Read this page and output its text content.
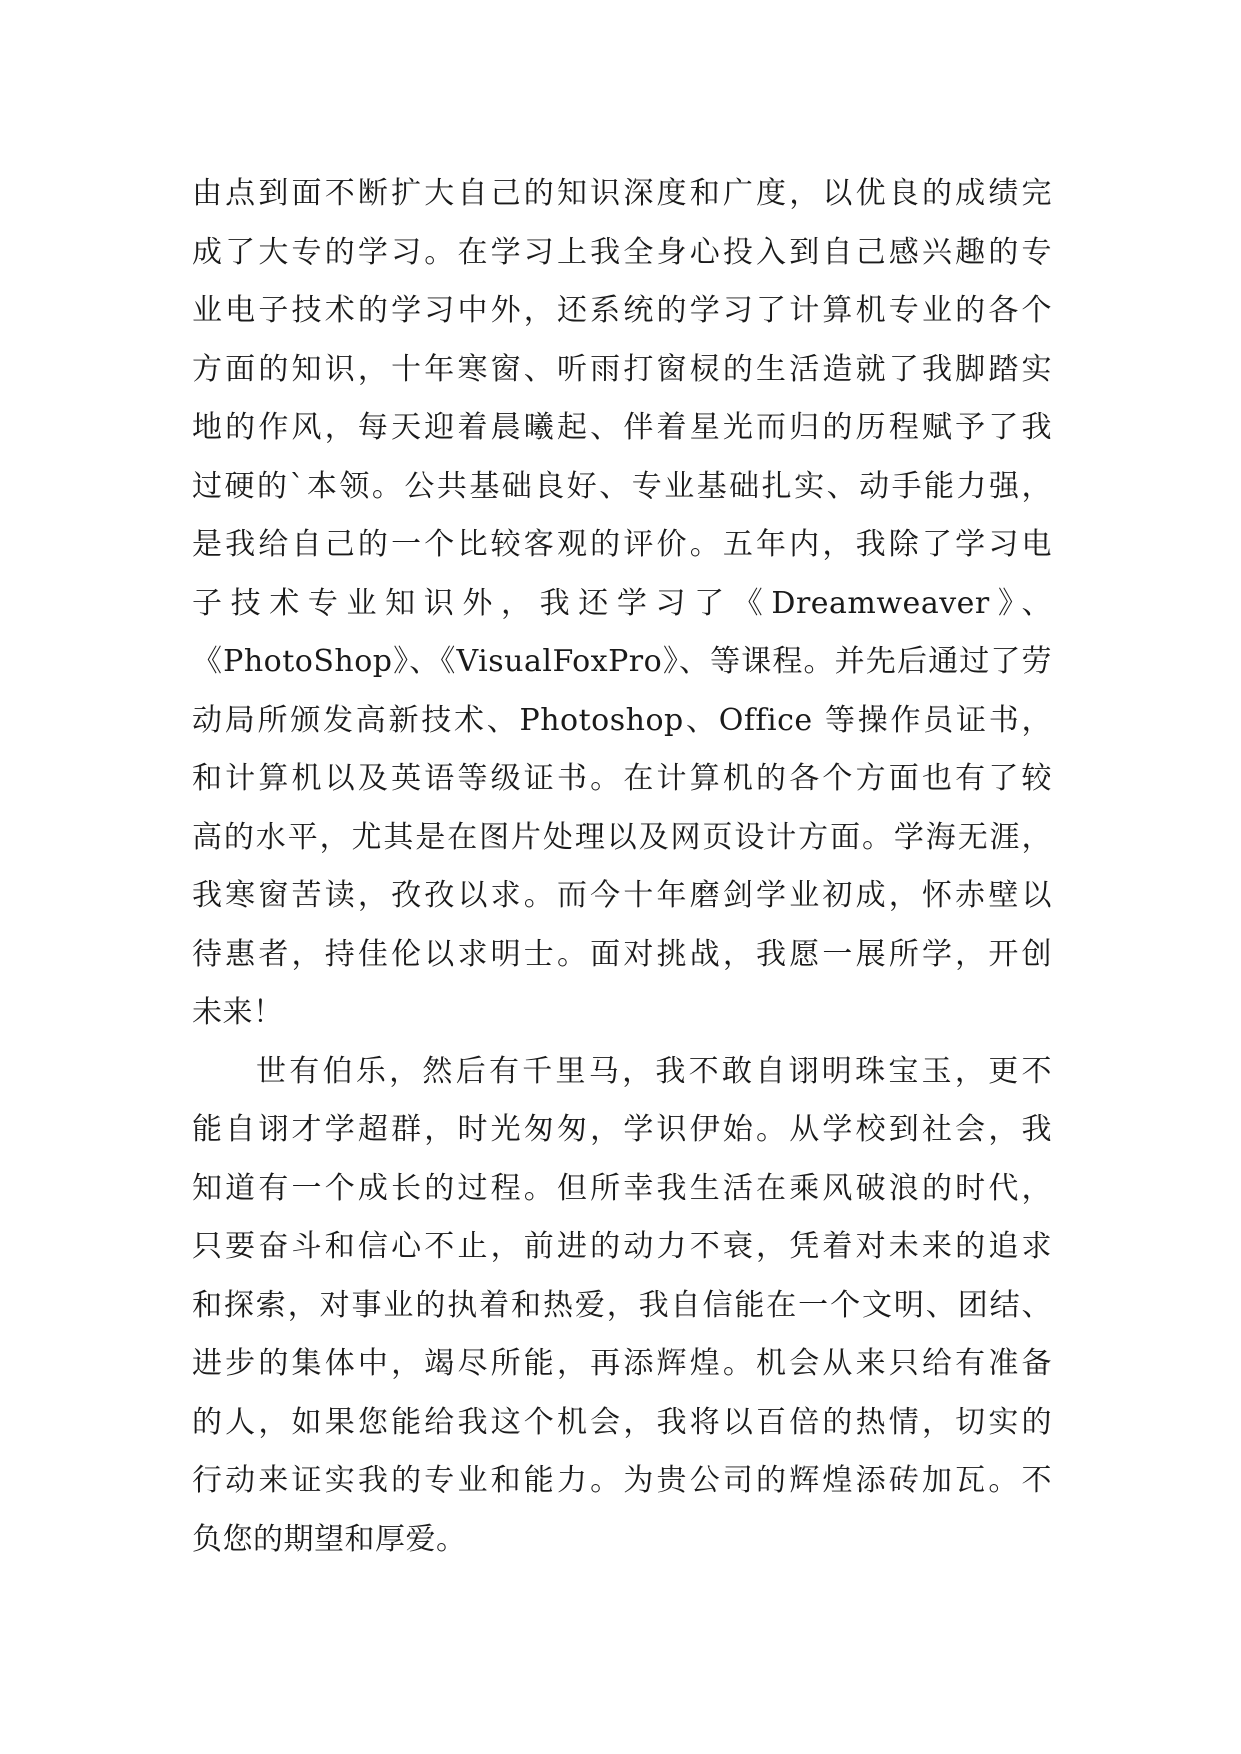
由点到面不断扩大自己的知识深度和广度，以优良的成绩完
成了大专的学习。在学习上我全身心投入到自己感兴趣的专
业电子技术的学习中外，还系统的学习了计算机专业的各个
方面的知识，十年寒窗、听雨打窗棂的生活造就了我脚踏实
地的作风，每天迎着晨曦起、伴着星光而归的历程赋予了我
过硬的`本领。公共基础良好、专业基础扎实、动手能力强，
是我给自己的一个比较客观的评价。五年内，我除了学习电
子技术专业知识外，我还学习了《Dreamweaver》、
《PhotoShop》、《VisualFoxPro》、等课程。并先后通过了劳
动局所颁发高新技术、Photoshop、Office 等操作员证书，
和计算机以及英语等级证书。在计算机的各个方面也有了较
高的水平，尤其是在图片处理以及网页设计方面。学海无涯，
我寒窗苦读，孜孜以求。而今十年磨剑学业初成，怀赤壁以
待惠者，持佳伦以求明士。面对挑战，我愿一展所学，开创
未来！
世有伯乐，然后有千里马，我不敢自诩明珠宝玉，更不
能自诩才学超群，时光匆匆，学识伊始。从学校到社会，我
知道有一个成长的过程。但所幸我生活在乘风破浪的时代，
只要奋斗和信心不止，前进的动力不衰，凭着对未来的追求
和探索，对事业的执着和热爱，我自信能在一个文明、团结、
进步的集体中，竭尽所能，再添辉煌。机会从来只给有准备
的人，如果您能给我这个机会，我将以百倍的热情，切实的
行动来证实我的专业和能力。为贵公司的辉煌添砖加瓦。不
负您的期望和厚爱。
